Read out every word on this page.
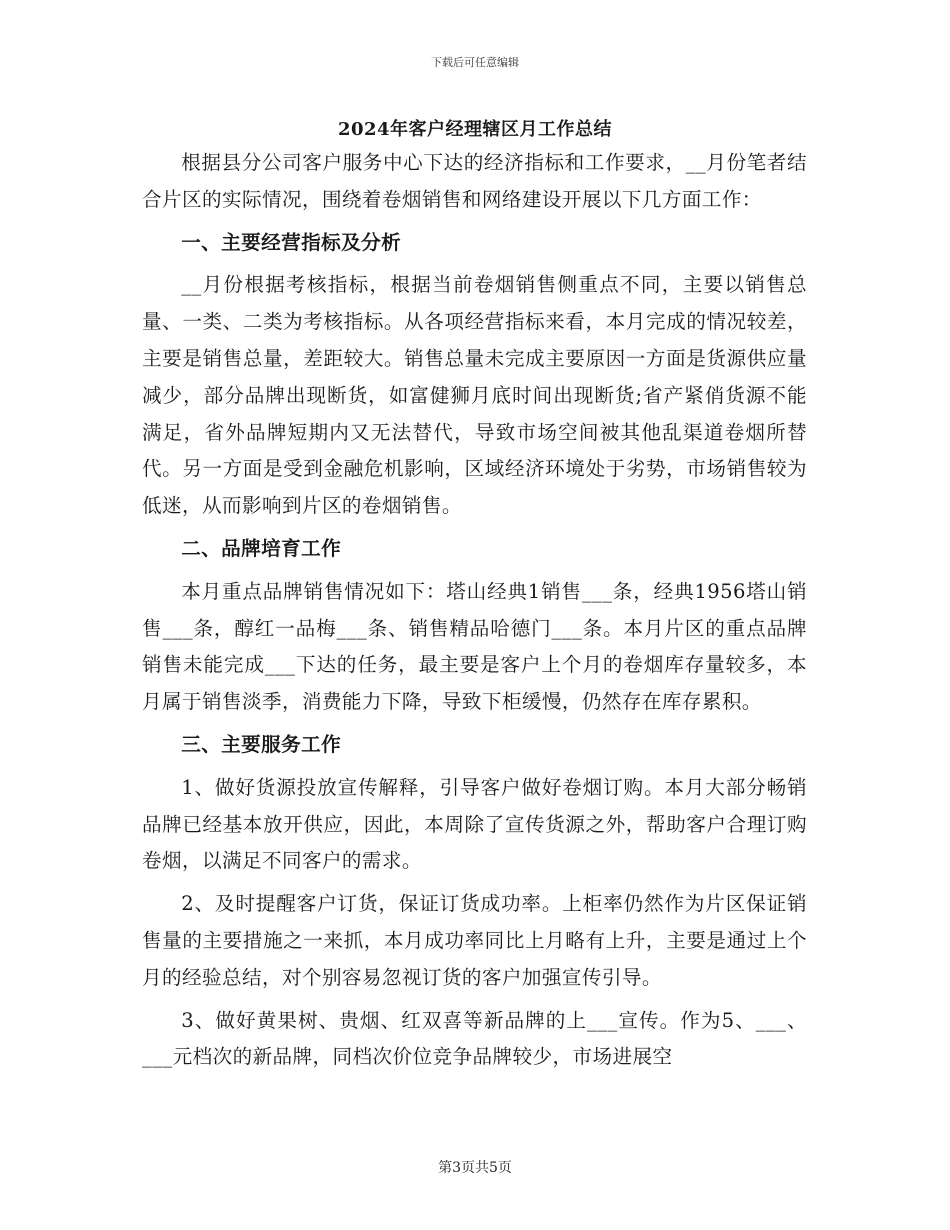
下载后可任意编辑
2024年客户经理辖区月工作总结

根据县分公司客户服务中心下达的经济指标和工作要求，__月份笔者结合片区的实际情况，围绕着卷烟销售和网络建设开展以下几方面工作：

一、主要经营指标及分析

__月份根据考核指标，根据当前卷烟销售侧重点不同，主要以销售总量、一类、二类为考核指标。从各项经营指标来看，本月完成的情况较差，主要是销售总量，差距较大。销售总量未完成主要原因一方面是货源供应量减少，部分品牌出现断货，如富健狮月底时间出现断货;省产紧俏货源不能满足，省外品牌短期内又无法替代，导致市场空间被其他乱渠道卷烟所替代。另一方面是受到金融危机影响，区域经济环境处于劣势，市场销售较为低迷，从而影响到片区的卷烟销售。

二、品牌培育工作

本月重点品牌销售情况如下：塔山经典1销售___条，经典1956塔山销售___条，醇红一品梅___条、销售精品哈德门___条。本月片区的重点品牌销售未能完成___下达的任务，最主要是客户上个月的卷烟库存量较多，本月属于销售淡季，消费能力下降，导致下柜缓慢，仍然存在库存累积。

三、主要服务工作

1、做好货源投放宣传解释，引导客户做好卷烟订购。本月大部分畅销品牌已经基本放开供应，因此，本周除了宣传货源之外，帮助客户合理订购卷烟，以满足不同客户的需求。

2、及时提醒客户订货，保证订货成功率。上柜率仍然作为片区保证销售量的主要措施之一来抓，本月成功率同比上月略有上升，主要是通过上个月的经验总结，对个别容易忽视订货的客户加强宣传引导。

3、做好黄果树、贵烟、红双喜等新品牌的上___宣传。作为5、___、___元档次的新品牌，同档次价位竞争品牌较少，市场进展空

第3页共5页
